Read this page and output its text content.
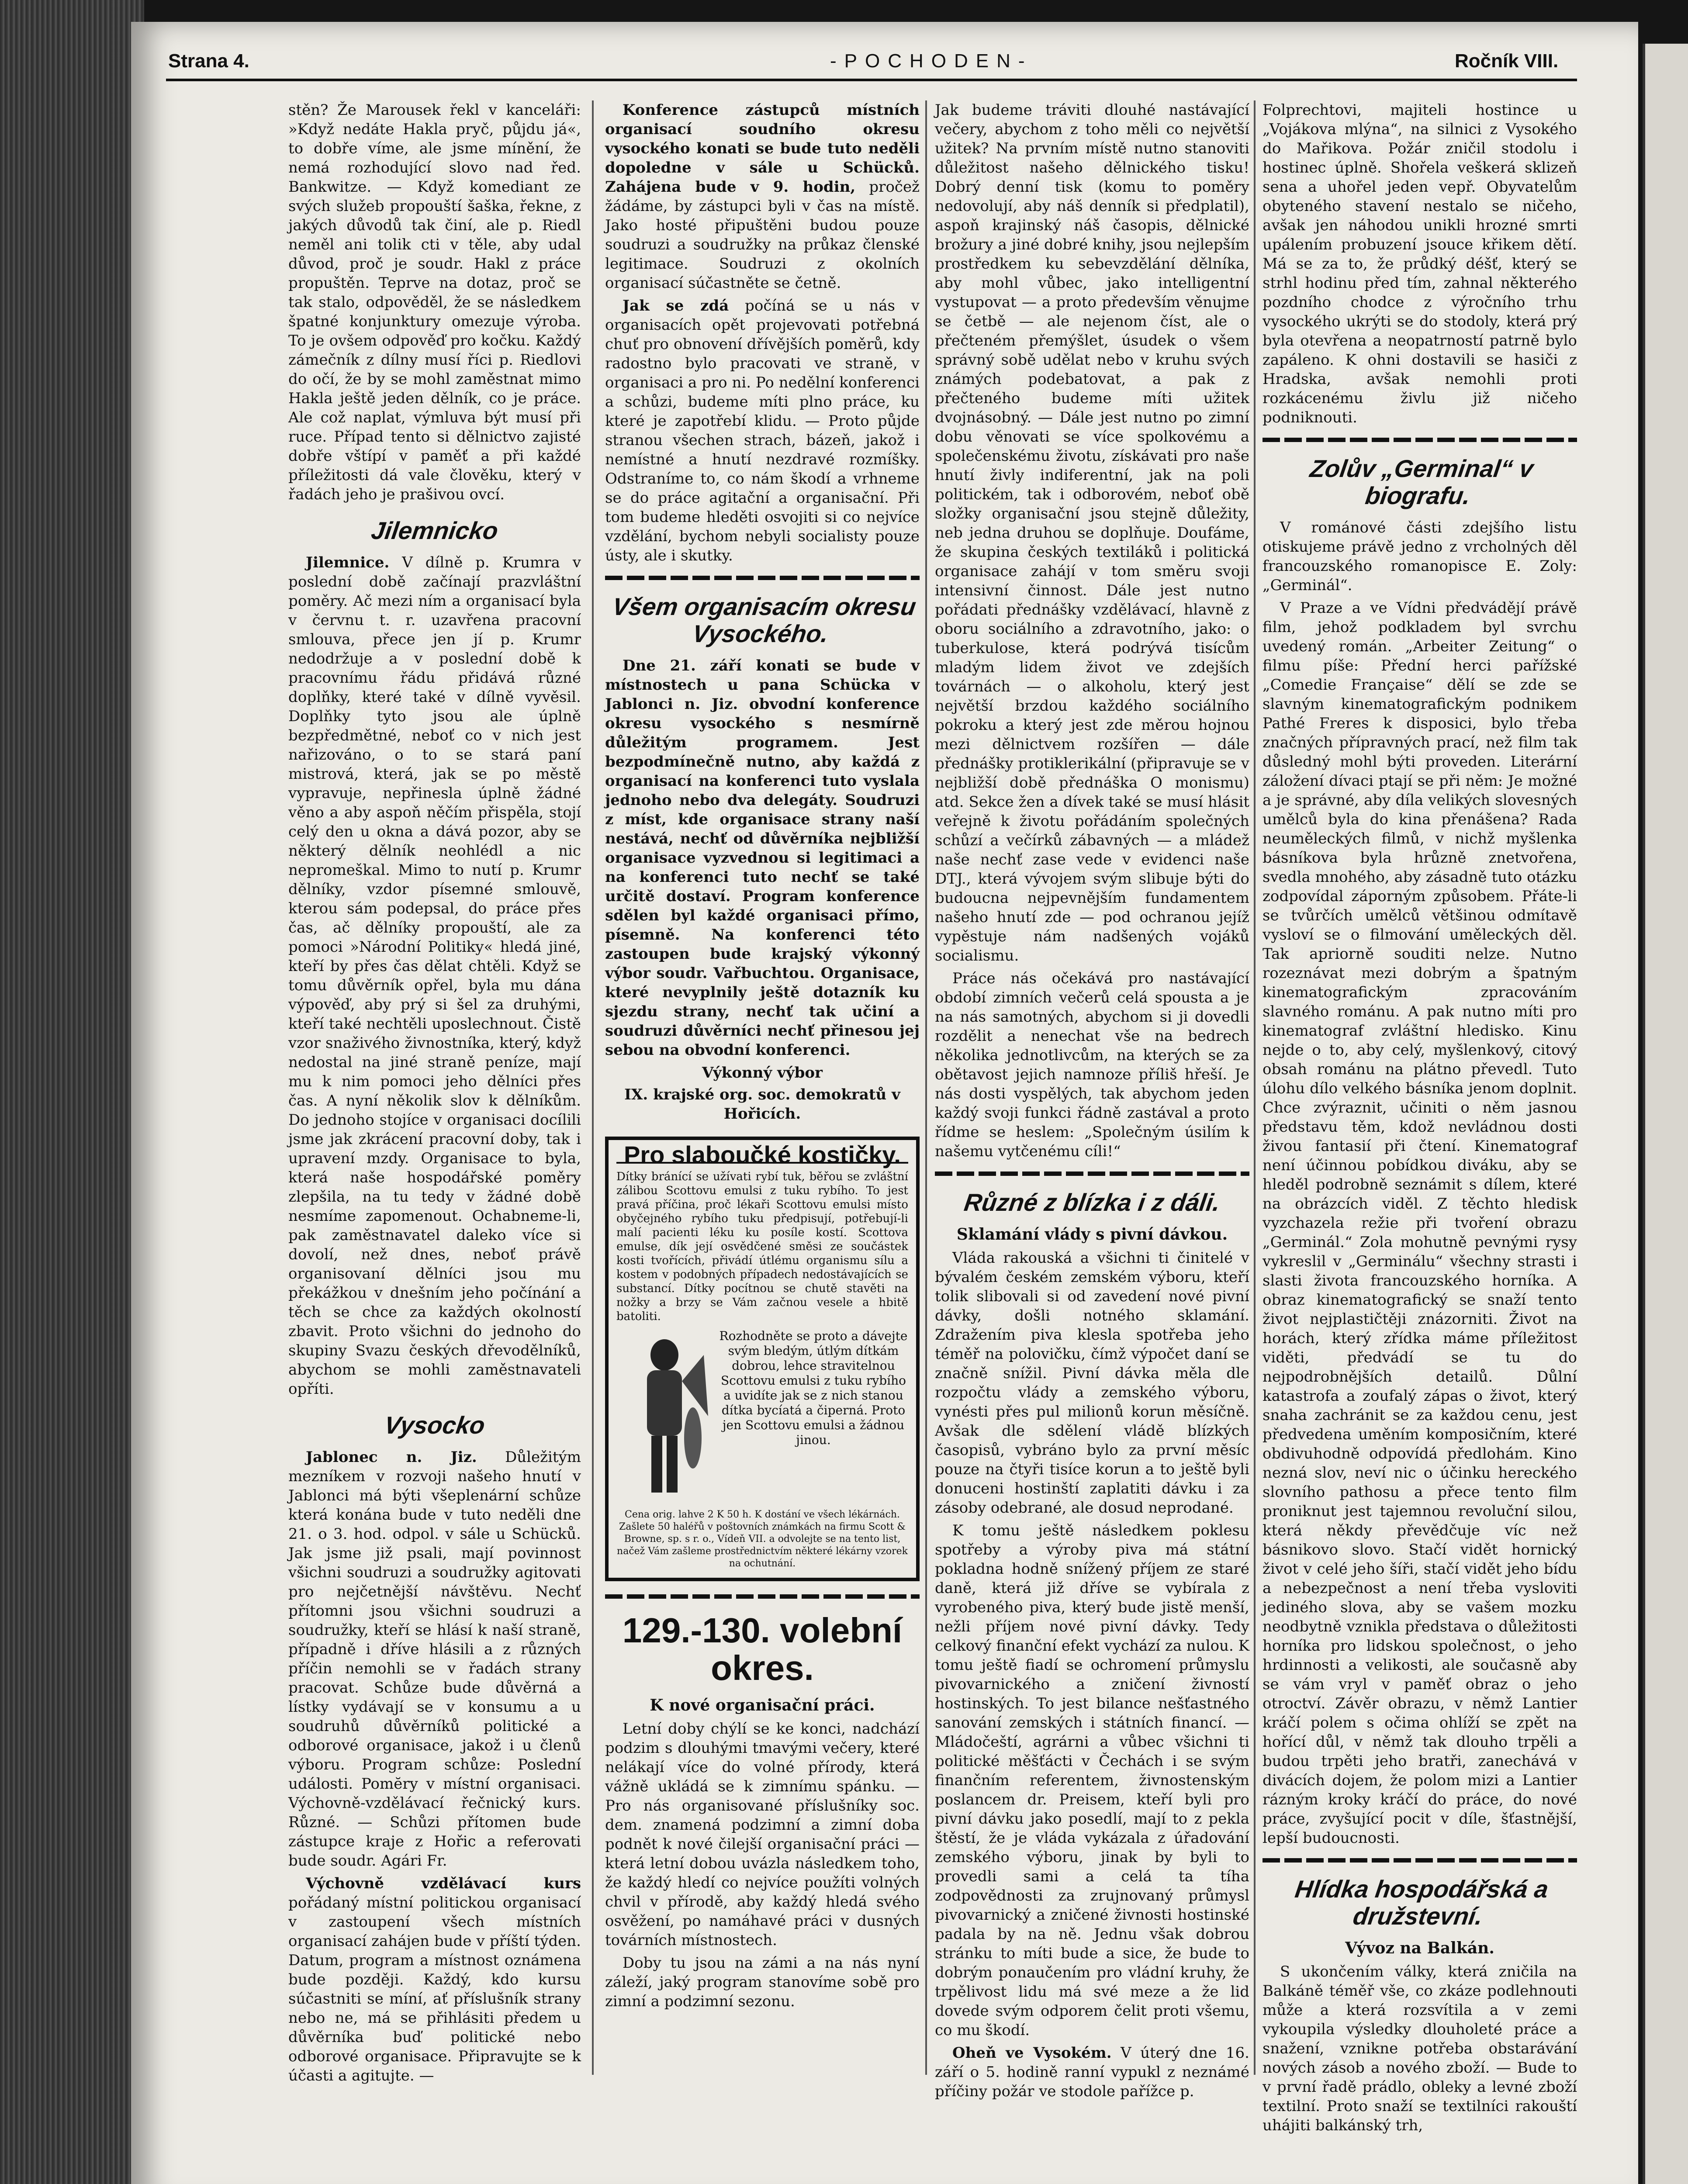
Strana 4.	-POCHODEN-	Ročník VIII.

stěn? Že Marousek řekl v kanceláři: »Když nedáte Hakla pryč, půjdu já«, to dobře víme, ale jsme mínění, že nemá rozhodující slovo nad řed. Bankwitze. — Když komediant ze svých služeb propouští šaška, řekne, z jakých důvodů tak činí, ale p. Riedl neměl ani tolik cti v těle, aby udal důvod, proč je soudr. Hakl z práce propuštěn. Teprve na dotaz, proč se tak stalo, odpověděl, že se následkem špatné konjunktury omezuje výroba. To je ovšem odpověď pro kočku. Každý zámečník z dílny musí říci p. Riedlovi do očí, že by se mohl zaměstnat mimo Hakla ještě jeden dělník, co je práce. Ale což naplat, výmluva být musí při ruce. Případ tento si dělnictvo zajisté dobře vštípí v paměť a při každé příležitosti dá vale člověku, který v řadách jeho je prašivou ovcí.

Jilemnicko

Jilemnice. V dílně p. Krumra v poslední době začínají prazvláštní poměry. Ač mezi ním a organisací byla v červnu t. r. uzavřena pracovní smlouva, přece jen jí p. Krumr nedodržuje a v poslední době k pracovnímu řádu přidává různé doplňky, které také v dílně vyvěsil. Doplňky tyto jsou ale úplně bezpředmětné, neboť co v nich jest nařizováno, o to se stará paní mistrová, která, jak se po městě vypravuje, nepřinesla úplně žádné věno a aby aspoň něčím přispěla, stojí celý den u okna a dává pozor, aby se některý dělník neohlédl a nic nepromeškal. Mimo to nutí p. Krumr dělníky, vzdor písemné smlouvě, kterou sám podepsal, do práce přes čas, ač dělníky propouští, ale za pomoci »Národní Politiky« hledá jiné, kteří by přes čas dělat chtěli. Když se tomu důvěrník opřel, byla mu dána výpověď, aby prý si šel za druhými, kteří také nechtěli uposlechnout. Čistě vzor snaživého živnostníka, který, když nedostal na jiné straně peníze, mají mu k nim pomoci jeho dělníci přes čas. A nyní několik slov k dělníkům. Do jednoho stojíce v organisaci docílili jsme jak zkrácení pracovní doby, tak i upravení mzdy. Organisace to byla, která naše hospodářské poměry zlepšila, na tu tedy v žádné době nesmíme zapomenout. Ochabneme-li, pak zaměstnavatel daleko více si dovolí, než dnes, neboť právě organisovaní dělníci jsou mu překážkou v dnešním jeho počínání a těch se chce za každých okolností zbavit. Proto všichni do jednoho do skupiny Svazu českých dřevodělníků, abychom se mohli zaměstnavateli opříti.

Vysocko

Jablonec n. Jiz. Důležitým mezníkem v rozvoji našeho hnutí v Jablonci má býti všeplenární schůze která konána bude v tuto neděli dne 21. o 3. hod. odpol. v sále u Schücků. Jak jsme již psali, mají povinnost všichni soudruzi a soudružky agitovati pro nejčetnější návštěvu. Nechť přítomni jsou všichni soudruzi a soudružky, kteří se hlásí k naší straně, případně i dříve hlásili a z různých příčin nemohli se v řadách strany pracovat. Schůze bude důvěrná a lístky vydávají se v konsumu a u soudruhů důvěrníků politické a odborové organisace, jakož i u členů výboru. Program schůze: Poslední události. Pomĕry v místní organisaci. Výchovně-vzdělávací řečnický kurs. Různé. — Schůzi přítomen bude zástupce kraje z Hořic a referovati bude soudr. Agári Fr.

Výchovně vzdělávací kurs pořádaný místní politickou organisací v zastoupení všech místních organisací zahájen bude v příští týden. Datum, program a místnost oznámena bude později. Každý, kdo kursu súčastniti se míní, ať příslušník strany nebo ne, má se přihlásiti předem u důvěrníka buď politické nebo odborové organisace. Připravujte se k účasti a agitujte. —

Konference zástupců místních organisací soudního okresu vysockého konati se bude tuto neděli dopoledne v sále u Schücků. Zahájena bude v 9. hodin, pročež žádáme, by zástupci byli v čas na místě. Jako hosté připuštěni budou pouze soudruzi a soudružky na průkaz členské legitimace. Soudruzi z okolních organisací súčastněte se četně.

Jak se zdá počíná se u nás v organisacích opět projevovati potřebná chuť pro obnovení dřívějších poměrů, kdy radostno bylo pracovati ve straně, v organisaci a pro ni. Po nedělní konferenci a schůzi, budeme míti plno práce, ku které je zapotřebí klidu. — Proto půjde stranou všechen strach, bázeň, jakož i nemístné a hnutí nezdravé rozmíšky. Odstraníme to, co nám škodí a vrhneme se do práce agitační a organisační. Při tom budeme hleděti osvojiti si co nejvíce vzdělání, bychom nebyli socialisty pouze ústy, ale i skutky.

Všem organisacím okresu Vysockého.

Dne 21. září konati se bude v místnostech u pana Schücka v Jablonci n. Jiz. obvodní konference okresu vysockého s nesmírně důležitým programem. Jest bezpodmínečně nutno, aby každá z organisací na konferenci tuto vyslala jednoho nebo dva delegáty. Soudruzi z míst, kde organisace strany naší nestává, nechť od důvěrníka nejbližší organisace vyzvednou si legitimaci a na konferenci tuto nechť se také určitě dostaví. Program konference sdělen byl každé organisaci přímo, písemně. Na konferenci této zastoupen bude krajský výkonný výbor soudr. Vařbuchtou. Organisace, které nevyplnily ještě dotazník ku sjezdu strany, nechť tak učiní a soudruzi důvěrníci nechť přinesou jej sebou na obvodní konferenci.

Výkonný výbor
IX. krajské org. soc. demokratů v Hořicích.
Pro slaboučké kostičky.
Dítky bránící se užívati rybí tuk, běřou se zvláštní zálibou Scottovu emulsi z tuku rybího. To jest pravá příčina, proč lékaři Scottovu emulsi místo obyčejného rybího tuku předpisují, potřebují-li malí pacienti léku ku posíle kostí. Scottova emulse, dík její osvědčené směsi ze součástek kosti tvořících, přivádí útlému organismu sílu a kostem v podobných případech nedostávajících se substancí. Dítky pocítnou se chutě stavěti na nožky a brzy se Vám začnou vesele a hbitě batoliti.
Rozhodněte se proto a dávejte svým bledým, útlým dítkám dobrou, lehce stravitelnou Scottovu emulsi z tuku rybího a uvidíte jak se z nich stanou dítka bycíatá a čiperná. Proto jen Scottovu emulsi a žádnou jinou.
Cena orig. lahve 2 K 50 h. K dostání ve všech lékárnách. Zašlete 50 haléřů v poštovních známkách na firmu Scott & Browne, sp. s r. o., Vídeň VII. a odvolejte se na tento list, načež Vám zašleme prostřednictvím některé lékárny vzorek na ochutnání.
129.-130. volební okres.
K nové organisační práci.

Letní doby chýlí se ke konci, nadchází podzim s dlouhými tmavými večery, které nelákají více do volné přírody, která vážně ukládá se k zimnímu spánku. — Pro nás organisované příslušníky soc. dem. znamená podzimní a zimní doba podnět k nové čilejší organisační práci — která letní dobou uvázla následkem toho, že každý hledí co nejvíce použíti volných chvil v přírodě, aby každý hledá svého osvěžení, po namáhavé práci v dusných továrních místnostech.

Doby tu jsou na zámi a na nás nyní záleží, jaký program stanovíme sobě pro zimní a podzimní sezonu.

Jak budeme tráviti dlouhé nastávající večery, abychom z toho měli co největší užitek? Na prvním místě nutno stanoviti důležitost našeho dělnického tisku! Dobrý denní tisk (komu to poměry nedovolují, aby náš denník si předplatil), aspoň krajinský náš časopis, dělnické brožury a jiné dobré knihy, jsou nejlepším prostředkem ku sebevzdělání dělníka, aby mohl vůbec, jako intelligentní vystupovat — a proto především věnujme se četbě — ale nejenom číst, ale o přečteném přemýšlet, úsudek o všem správný sobě udělat nebo v kruhu svých známých podebatovat, a pak z přečteného budeme míti užitek dvojnásobný. — Dále jest nutno po zimní dobu věnovati se více spolkovému a společenskému životu, získávati pro naše hnutí živly indiferentní, jak na poli politickém, tak i odborovém, neboť obě složky organisační jsou stejně důležity, neb jedna druhou se doplňuje. Doufáme, že skupina českých textiláků i politická organisace zahájí v tom směru svoji intensivní činnost. Dále jest nutno pořádati přednášky vzdělávací, hlavně z oboru sociálního a zdravotního, jako: o tuberkulose, která podrývá tisícům mladým lidem život ve zdejších továrnách — o alkoholu, který jest největší brzdou každého sociálního pokroku a který jest zde měrou hojnou mezi dělnictvem rozšířen — dále přednášky protiklerikální (připravuje se v nejbližší době přednáška O monismu) atd. Sekce žen a dívek také se musí hlásit veřejně k životu pořádáním společných schůzí a večírků zábavných — a mládež naše nechť zase vede v evidenci naše DTJ., která vývojem svým slibuje býti do budoucna nejpevnějším fundamentem našeho hnutí zde — pod ochranou jejíž vypěstuje nám nadšených vojáků socialismu.

Práce nás očekává pro nastávající období zimních večerů celá spousta a je na nás samotných, abychom si ji dovedli rozdělit a nenechat vše na bedrech několika jednotlivcům, na kterých se za obětavost jejich namnoze příliš hřeší. Je nás dosti vyspělých, tak abychom jeden každý svoji funkci řádně zastával a proto řídme se heslem: „Společným úsilím k našemu vytčenému cíli!“

Různé z blízka i z dáli.
Sklamání vlády s pivní dávkou.

Vláda rakouská a všichni ti činitelé v bývalém českém zemském výboru, kteří tolik slibovali si od zavedení nové pivní dávky, došli notného sklamání. Zdražením piva klesla spotřeba jeho téměř na polovičku, čímž výpočet daní se značně snížil. Pivní dávka měla dle rozpočtu vlády a zemského výboru, vynésti přes pul milionů korun měsíčně. Avšak dle sdělení vládě blízkých časopisů, vybráno bylo za první měsíc pouze na čtyři tisíce korun a to ještě byli donuceni hostinští zaplatiti dávku i za zásoby odebrané, ale dosud neprodané.

K tomu ještě následkem poklesu spotřeby a výroby piva má státní pokladna hodně snížený příjem ze staré daně, která již dříve se vybírala z vyrobeného piva, který bude jistě menší, nežli příjem nové pivní dávky. Tedy celkový finanční efekt vychází za nulou. K tomu ještě fiadí se ochromení průmyslu pivovarnického a zničení živností hostinských. To jest bilance nešťastného sanování zemských i státních financí. — Mládočeští, agrárni a vůbec všichni ti politické měšťácti v Čechách i se svým finančním referentem, živnostenským poslancem dr. Preisem, kteří byli pro pivní dávku jako posedlí, mají to z pekla štěstí, že je vláda vykázala z úřadování zemského výboru, jinak by byli to provedli sami a celá ta tíha zodpovědnosti za zrujnovaný průmysl pivovarnický a zničené živnosti hostinské padala by na ně. Jednu však dobrou stránku to míti bude a sice, že bude to dobrým ponaučením pro vládní kruhy, že trpělivost lidu má své meze a že lid dovede svým odporem čelit proti všemu, co mu škodí.

Oheň ve Vysokém. V úterý dne 16. září o 5. hodině ranní vypukl z neznámé příčiny požár ve stodole pařížce p.

Folprechtovi, majiteli hostince u „Vojákova mlýna“, na silnici z Vysokého do Mařikova. Požár zničil stodolu i hostinec úplně. Shořela veškerá sklizeň sena a uhořel jeden vepř. Obyvatelům obyteného stavení nestalo se ničeho, avšak jen náhodou unikli hrozné smrti upálením probuzení jsouce křikem dětí. Má se za to, že průdký déšť, který se strhl hodinu před tím, zahnal některého pozdního chodce z výročního trhu vysockého ukrýti se do stodoly, která prý byla otevřena a neopatrností patrně bylo zapáleno. K ohni dostavili se hasiči z Hradska, avšak nemohli proti rozkácenému živlu již ničeho podniknouti.

Zolův „Germinal“ v biografu.

V románové části zdejšího listu otiskujeme právě jedno z vrcholných děl francouzského romanopisce E. Zoly: „Germinál“.

V Praze a ve Vídni předvádějí právě film, jehož podkladem byl svrchu uvedený román. „Arbeiter Zeitung“ o filmu píše: Přední herci pařížské „Comedie Française“ dělí se zde se slavným kinematografickým podnikem Pathé Freres k disposici, bylo třeba značných přípravných prací, než film tak důsledný mohl býti proveden. Literární záložení dívaci ptají se při něm: Je možné a je správné, aby díla velikých slovesných umělců byla do kina přenášena? Rada neuměleckých filmů, v nichž myšlenka básníkova byla hrůzně znetvořena, svedla mnohého, aby zásadně tuto otázku zodpovídal záporným způsobem. Přáte-li se tvůrčích umělců většinou odmítavě vysloví se o filmování uměleckých děl. Tak apriorně souditi nelze. Nutno rozeznávat mezi dobrým a špatným kinematografickým zpracováním slavného románu. A pak nutno míti pro kinematograf zvláštní hledisko. Kinu nejde o to, aby celý, myšlenkový, citový obsah románu na plátno převedl. Tuto úlohu dílo velkého básníka jenom doplnit. Chce zvýraznit, učiniti o něm jasnou představu těm, kdož nevládnou dosti živou fantasií při čtení. Kinematograf není účinnou pobídkou diváku, aby se hleděl podrobně seznámit s dílem, které na obrázcích viděl. Z těchto hledisk vyzchazela režie při tvoření obrazu „Germinál.“ Zola mohutně pevnými rysy vykreslil v „Germinálu“ všechny strasti i slasti života francouzského horníka. A obraz kinematografický se snaží tento život nejplastičtěji znázorniti. Život na horách, který zřídka máme příležitost viděti, předvádí se tu do nejpodrobnějších detailů. Důlní katastrofa a zoufalý zápas o život, který snaha zachránit se za každou cenu, jest předvedena uměním komposičním, které obdivuhodně odpovídá předlohám. Kino nezná slov, neví nic o účinku hereckého slovního pathosu a přece tento film proniknut jest tajemnou revoluční silou, která někdy převědčuje víc než básnikovo slovo. Stačí vidět hornický život v celé jeho šíři, stačí vidět jeho bídu a nebezpečnost a není třeba vysloviti jediného slova, aby se vašem mozku neodbytně vznikla představa o důležitosti horníka pro lidskou společnost, o jeho hrdinnosti a velikosti, ale současně aby se vám vryl v paměť obraz o jeho otroctví. Závěr obrazu, v němž Lantier kráčí polem s očima ohlíží se zpět na hořící důl, v němž tak dlouho trpěli a budou trpěti jeho bratři, zanechává v divácích dojem, že polom mizi a Lantier rázným kroky kráčí do práce, do nové práce, zvyšující pocit v díle, šťastnější, lepší budoucnosti.

Hlídka hospodářská a družstevní.
Vývoz na Balkán.

S ukončením války, která zničila na Balkáně téměř vše, co zkáze podlehnouti může a která rozsvítila a v zemi vykoupila výsledky dlouholeté práce a snažení, vznikne potřeba obstarávání nových zásob a nového zboží. — Bude to v první řadě prádlo, obleky a levné zboží textilní. Proto snaží se textilníci rakouští uhájiti balkánský trh,
